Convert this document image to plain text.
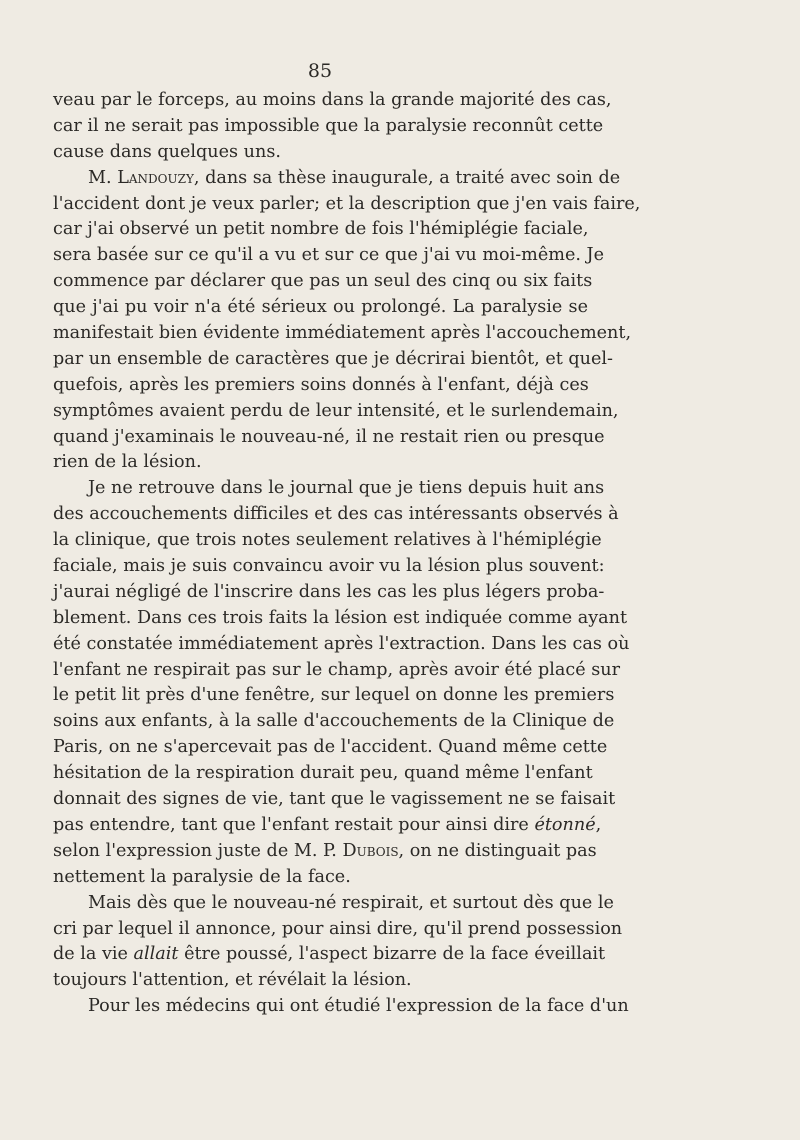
85
veau par le forceps, au moins dans la grande majorité des cas,
car il ne serait pas impossible que la paralysie reconnût cette
cause dans quelques uns.
M. Landouzy, dans sa thèse inaugurale, a traité avec soin de
l'accident dont je veux parler; et la description que j'en vais faire,
car j'ai observé un petit nombre de fois l'hémiplégie faciale,
sera basée sur ce qu'il a vu et sur ce que j'ai vu moi-même. Je
commence par déclarer que pas un seul des cinq ou six faits
que j'ai pu voir n'a été sérieux ou prolongé. La paralysie se
manifestait bien évidente immédiatement après l'accouchement,
par un ensemble de caractères que je décrirai bientôt, et quel-
quefois, après les premiers soins donnés à l'enfant, déjà ces
symptômes avaient perdu de leur intensité, et le surlendemain,
quand j'examinais le nouveau-né, il ne restait rien ou presque
rien de la lésion.
Je ne retrouve dans le journal que je tiens depuis huit ans
des accouchements difficiles et des cas intéressants observés à
la clinique, que trois notes seulement relatives à l'hémiplégie
faciale, mais je suis convaincu avoir vu la lésion plus souvent:
j'aurai négligé de l'inscrire dans les cas les plus légers proba-
blement. Dans ces trois faits la lésion est indiquée comme ayant
été constatée immédiatement après l'extraction. Dans les cas où
l'enfant ne respirait pas sur le champ, après avoir été placé sur
le petit lit près d'une fenêtre, sur lequel on donne les premiers
soins aux enfants, à la salle d'accouchements de la Clinique de
Paris, on ne s'apercevait pas de l'accident. Quand même cette
hésitation de la respiration durait peu, quand même l'enfant
donnait des signes de vie, tant que le vagissement ne se faisait
pas entendre, tant que l'enfant restait pour ainsi dire étonné,
selon l'expression juste de M. P. Dubois, on ne distinguait pas
nettement la paralysie de la face.
Mais dès que le nouveau-né respirait, et surtout dès que le
cri par lequel il annonce, pour ainsi dire, qu'il prend possession
de la vie allait être poussé, l'aspect bizarre de la face éveillait
toujours l'attention, et révélait la lésion.
Pour les médecins qui ont étudié l'expression de la face d'un
